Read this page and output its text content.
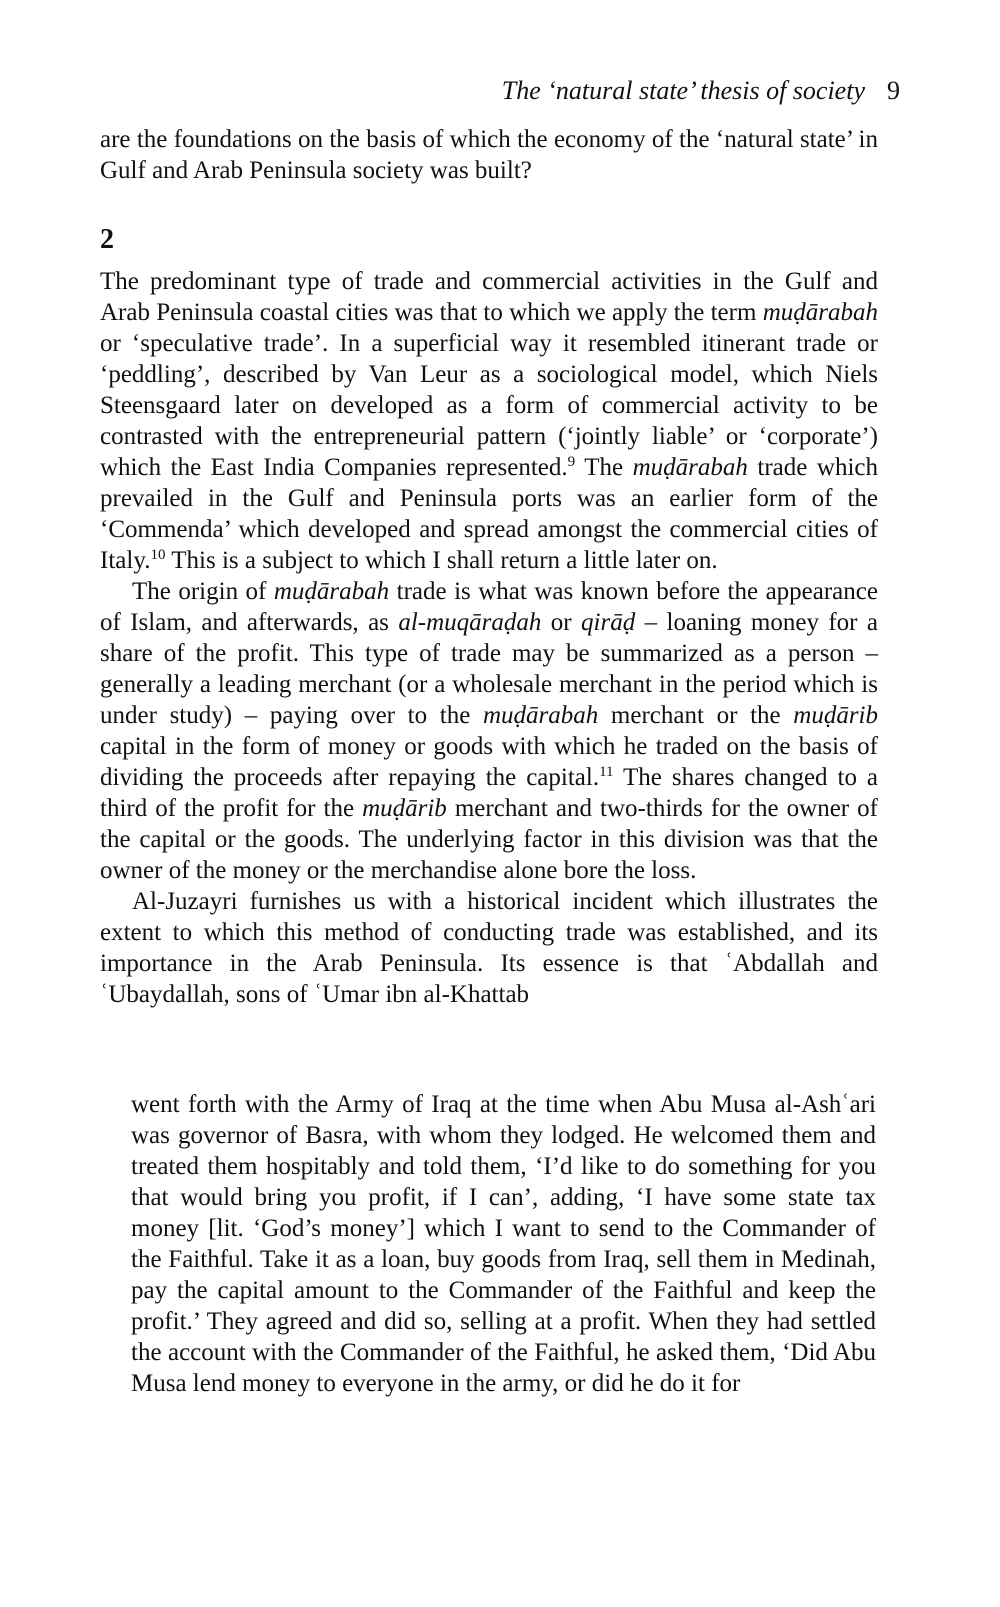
The ‘natural state’ thesis of society 9

are the foundations on the basis of which the economy of the ‘natural state’ in Gulf and Arab Peninsula society was built?

2

The predominant type of trade and commercial activities in the Gulf and Arab Peninsula coastal cities was that to which we apply the term muḍārabah or ‘speculative trade’. In a superficial way it resembled itinerant trade or ‘peddling’, described by Van Leur as a sociological model, which Niels Steensgaard later on developed as a form of commercial activity to be contrasted with the entrepreneurial pattern (‘jointly liable’ or ‘corporate’) which the East India Companies represented.$^9$ The muḍārabah trade which prevailed in the Gulf and Peninsula ports was an earlier form of the ‘Commenda’ which developed and spread amongst the commercial cities of Italy.$^{10}$ This is a subject to which I shall return a little later on.

The origin of muḍārabah trade is what was known before the appearance of Islam, and afterwards, as al-muqāraḍah or qirāḍ – loaning money for a share of the profit. This type of trade may be summarized as a person – generally a leading merchant (or a wholesale merchant in the period which is under study) – paying over to the muḍārabah merchant or the muḍārib capital in the form of money or goods with which he traded on the basis of dividing the proceeds after repaying the capital.$^{11}$ The shares changed to a third of the profit for the muḍārib merchant and two-thirds for the owner of the capital or the goods. The underlying factor in this division was that the owner of the money or the merchandise alone bore the loss.

Al-Juzayri furnishes us with a historical incident which illustrates the extent to which this method of conducting trade was established, and its importance in the Arab Peninsula. Its essence is that ʿAbdallah and ʿUbaydallah, sons of ʿUmar ibn al-Khattab

went forth with the Army of Iraq at the time when Abu Musa al-Ashʿari was governor of Basra, with whom they lodged. He welcomed them and treated them hospitably and told them, ‘I’d like to do something for you that would bring you profit, if I can’, adding, ‘I have some state tax money [lit. ‘God’s money’] which I want to send to the Commander of the Faithful. Take it as a loan, buy goods from Iraq, sell them in Medinah, pay the capital amount to the Commander of the Faithful and keep the profit.’ They agreed and did so, selling at a profit. When they had settled the account with the Commander of the Faithful, he asked them, ‘Did Abu Musa lend money to everyone in the army, or did he do it for
